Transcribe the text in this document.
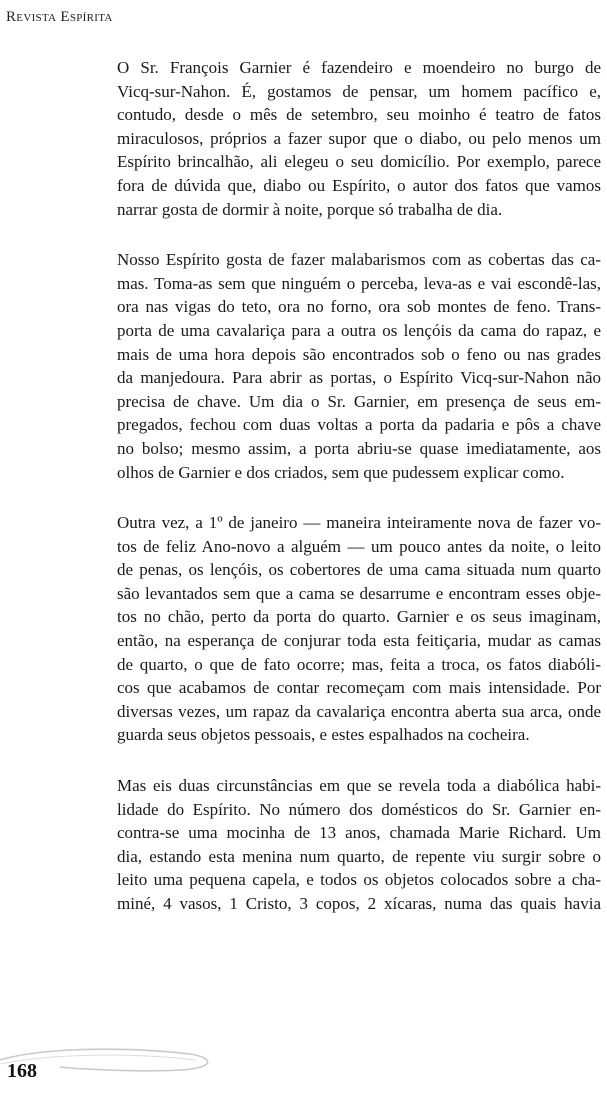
Revista Espírita

O Sr. François Garnier é fazendeiro e moendeiro no burgo de
Vicq-sur-Nahon. É, gostamos de pensar, um homem pacífico e,
contudo, desde o mês de setembro, seu moinho é teatro de fatos
miraculosos, próprios a fazer supor que o diabo, ou pelo menos um
Espírito brincalhão, ali elegeu o seu domicílio. Por exemplo, parece
fora de dúvida que, diabo ou Espírito, o autor dos fatos que vamos
narrar gosta de dormir à noite, porque só trabalha de dia.

Nosso Espírito gosta de fazer malabarismos com as cobertas das ca-
mas. Toma-as sem que ninguém o perceba, leva-as e vai escondê-las,
ora nas vigas do teto, ora no forno, ora sob montes de feno. Trans-
porta de uma cavalariça para a outra os lençóis da cama do rapaz, e
mais de uma hora depois são encontrados sob o feno ou nas grades
da manjedoura. Para abrir as portas, o Espírito Vicq-sur-Nahon não
precisa de chave. Um dia o Sr. Garnier, em presença de seus em-
pregados, fechou com duas voltas a porta da padaria e pôs a chave
no bolso; mesmo assim, a porta abriu-se quase imediatamente, aos
olhos de Garnier e dos criados, sem que pudessem explicar como.

Outra vez, a 1º de janeiro — maneira inteiramente nova de fazer vo-
tos de feliz Ano-novo a alguém — um pouco antes da noite, o leito
de penas, os lençóis, os cobertores de uma cama situada num quarto
são levantados sem que a cama se desarrume e encontram esses obje-
tos no chão, perto da porta do quarto. Garnier e os seus imaginam,
então, na esperança de conjurar toda esta feitiçaria, mudar as camas
de quarto, o que de fato ocorre; mas, feita a troca, os fatos diabóli-
cos que acabamos de contar recomeçam com mais intensidade. Por
diversas vezes, um rapaz da cavalariça encontra aberta sua arca, onde
guarda seus objetos pessoais, e estes espalhados na cocheira.

Mas eis duas circunstâncias em que se revela toda a diabólica habi-
lidade do Espírito. No número dos domésticos do Sr. Garnier en-
contra-se uma mocinha de 13 anos, chamada Marie Richard. Um
dia, estando esta menina num quarto, de repente viu surgir sobre o
leito uma pequena capela, e todos os objetos colocados sobre a cha-
miné, 4 vasos, 1 Cristo, 3 copos, 2 xícaras, numa das quais havia

168
